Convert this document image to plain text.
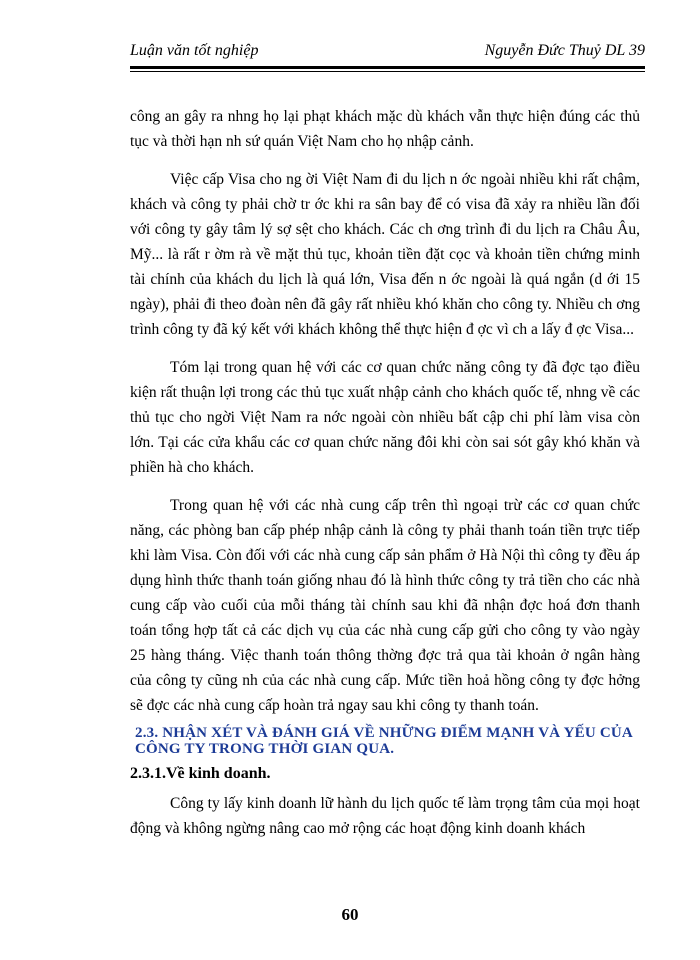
Luận văn tốt nghiệp	Nguyễn Đức Thuỷ DL 39

công an gây ra nhng họ lại phạt khách mặc dù khách vẫn thực hiện đúng các thủ tục và thời hạn nh sứ quán Việt Nam cho họ nhập cảnh.

Việc cấp Visa cho ng ời Việt Nam đi du lịch n ớc ngoài nhiều khi rất chậm, khách và công ty phải chờ tr ớc khi ra sân bay để có visa đã xảy ra nhiều lần đối với công ty gây tâm lý sợ sệt cho khách. Các ch ơng trình đi du lịch ra Châu Âu, Mỹ... là rất r ờm rà về mặt thủ tục, khoản tiền đặt cọc và khoản tiền chứng minh tài chính của khách du lịch là quá lớn, Visa đến n ớc ngoài là quá ngắn (d ới 15 ngày), phải đi theo đoàn nên đã gây rất nhiều khó khăn cho công ty. Nhiều ch ơng trình công ty đã ký kết với khách không thể thực hiện đ ợc vì ch a lấy đ ợc Visa...

Tóm lại trong quan hệ với các cơ quan chức năng công ty đã đợc tạo điều kiện rất thuận lợi trong các thủ tục xuất nhập cảnh cho khách quốc tế, nhng về các thủ tục cho ngời Việt Nam ra nớc ngoài còn nhiều bất cập chi phí làm visa còn lớn. Tại các cửa khẩu các cơ quan chức năng đôi khi còn sai sót gây khó khăn và phiền hà cho khách.

Trong quan hệ với các nhà cung cấp trên thì ngoại trừ các cơ quan chức năng, các phòng ban cấp phép nhập cảnh là công ty phải thanh toán tiền trực tiếp khi làm Visa. Còn đối với các nhà cung cấp sản phẩm ở Hà Nội thì công ty đều áp dụng hình thức thanh toán giống nhau đó là hình thức công ty trả tiền cho các nhà cung cấp vào cuối của mỗi tháng tài chính sau khi đã nhận đợc hoá đơn thanh toán tổng hợp tất cả các dịch vụ của các nhà cung cấp gửi cho công ty vào ngày 25 hàng tháng. Việc thanh toán thông thờng đợc trả qua tài khoản ở ngân hàng của công ty cũng nh của các nhà cung cấp. Mức tiền hoả hồng công ty đợc hởng sẽ đợc các nhà cung cấp hoàn trả ngay sau khi công ty thanh toán.

2.3. NHẬN XÉT VÀ ĐÁNH GIÁ VỀ NHỮNG ĐIỂM MẠNH VÀ YẾU CỦA CÔNG TY TRONG THỜI GIAN QUA.
2.3.1.Về kinh doanh.

Công ty lấy kinh doanh lữ hành du lịch quốc tế làm trọng tâm của mọi hoạt động và không ngừng nâng cao mở rộng các hoạt động kinh doanh khách

60
